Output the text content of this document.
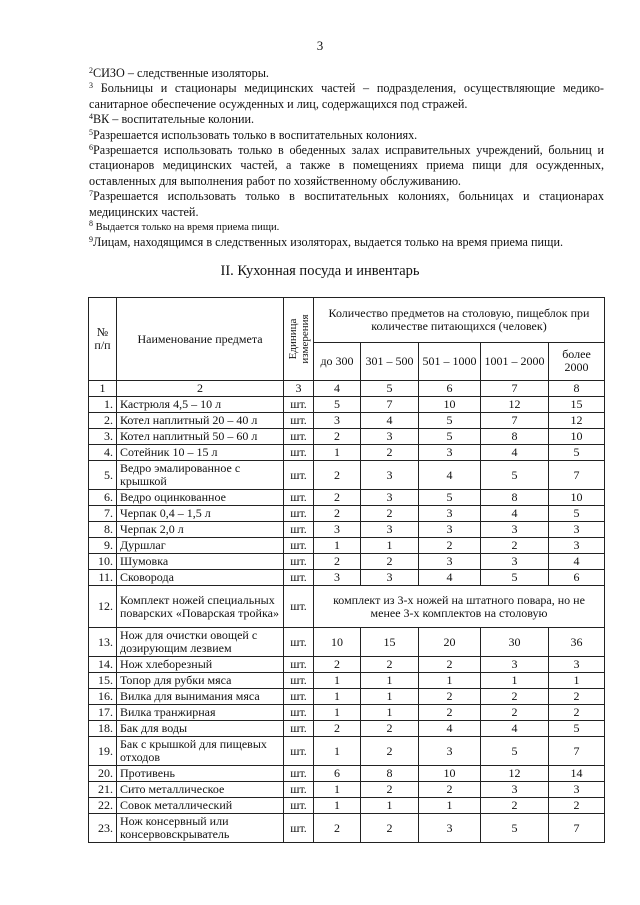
3
$^2$СИЗО – следственные изоляторы.
$^3$ Больницы и стационары медицинских частей – подразделения, осуществляющие медико-санитарное обеспечение осужденных и лиц, содержащихся под стражей.
$^4$ВК – воспитательные колонии.
$^5$Разрешается использовать только в воспитательных колониях.
$^6$Разрешается использовать только в обеденных залах исправительных учреждений, больниц и стационаров медицинских частей, а также в помещениях приема пищи для осужденных, оставленных для выполнения работ по хозяйственному обслуживанию.
$^7$Разрешается использовать только в воспитательных колониях, больницах и стационарах медицинских частей.
$^8$ Выдается только на время приема пищи.
$^9$Лицам, находящимся в следственных изоляторах, выдается только на время приема пищи.
II. Кухонная посуда и инвентарь
№ п/п	Наименование предмета	Единица измерения	Количество предметов на столовую, пищеблок при количестве питающихся (человек)				
			до 300	301 – 500	501 – 1000	1001 – 2000	более 2000
1	2	3	4	5	6	7	8
1.	Кастрюля 4,5 – 10 л	шт.	5	7	10	12	15
2.	Котел наплитный 20 – 40 л	шт.	3	4	5	7	12
3.	Котел наплитный 50 – 60 л	шт.	2	3	5	8	10
4.	Сотейник 10 – 15 л	шт.	1	2	3	4	5
5.	Ведро эмалированное с крышкой	шт.	2	3	4	5	7
6.	Ведро оцинкованное	шт.	2	3	5	8	10
7.	Черпак 0,4 – 1,5 л	шт.	2	2	3	4	5
8.	Черпак 2,0 л	шт.	3	3	3	3	3
9.	Дуршлаг	шт.	1	1	2	2	3
10.	Шумовка	шт.	2	2	3	3	4
11.	Сковорода	шт.	3	3	4	5	6
12.	Комплект ножей специальных поварских «Поварская тройка»	шт.	комплект из 3-х ножей на штатного повара, но не менее 3-х комплектов на столовую				
13.	Нож для очистки овощей с дозирующим лезвием	шт.	10	15	20	30	36
14.	Нож хлеборезный	шт.	2	2	2	3	3
15.	Топор для рубки мяса	шт.	1	1	1	1	1
16.	Вилка для вынимания мяса	шт.	1	1	2	2	2
17.	Вилка транжирная	шт.	1	1	2	2	2
18.	Бак для воды	шт.	2	2	4	4	5
19.	Бак с крышкой для пищевых отходов	шт.	1	2	3	5	7
20.	Противень	шт.	6	8	10	12	14
21.	Сито металлическое	шт.	1	2	2	3	3
22.	Совок металлический	шт.	1	1	1	2	2
23.	Нож консервный или консервовскрыватель	шт.	2	2	3	5	7
